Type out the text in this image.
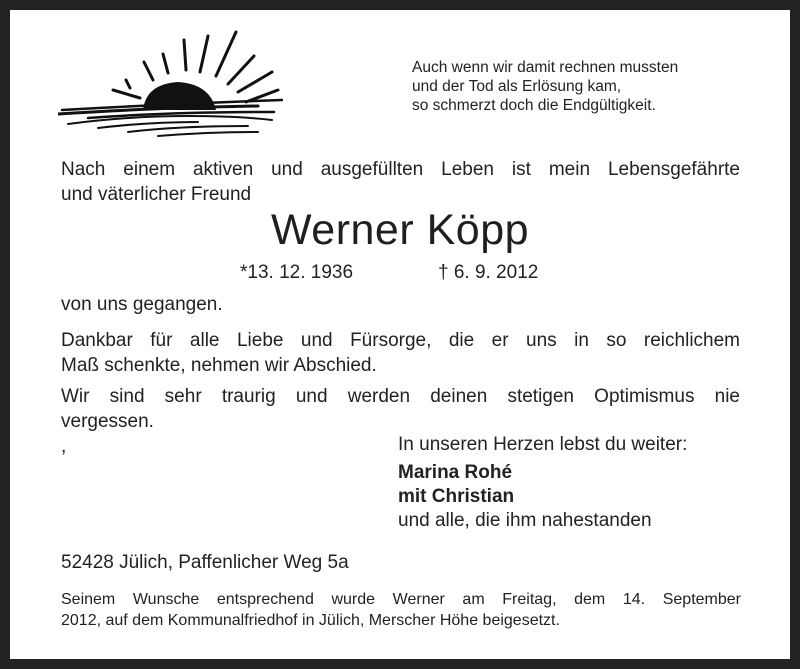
Auch wenn wir damit rechnen mussten
und der Tod als Erlösung kam,
so schmerzt doch die Endgültigkeit.
Nach einem aktiven und ausgefüllten Leben ist mein Lebensgefährte
und väterlicher Freund
Werner Köpp
*13. 12. 1936	† 6. 9. 2012
von uns gegangen.
Dankbar für alle Liebe und Fürsorge, die er uns in so reichlichem
Maß schenkte, nehmen wir Abschied.
Wir sind sehr traurig und werden deinen stetigen Optimismus nie
vergessen.
,	In unseren Herzen lebst du weiter:
Marina Rohé
mit Christian
und alle, die ihm nahestanden
52428 Jülich, Paffenlicher Weg 5a
Seinem Wunsche entsprechend wurde Werner am Freitag, dem 14. September
2012, auf dem Kommunalfriedhof in Jülich, Merscher Höhe beigesetzt.
